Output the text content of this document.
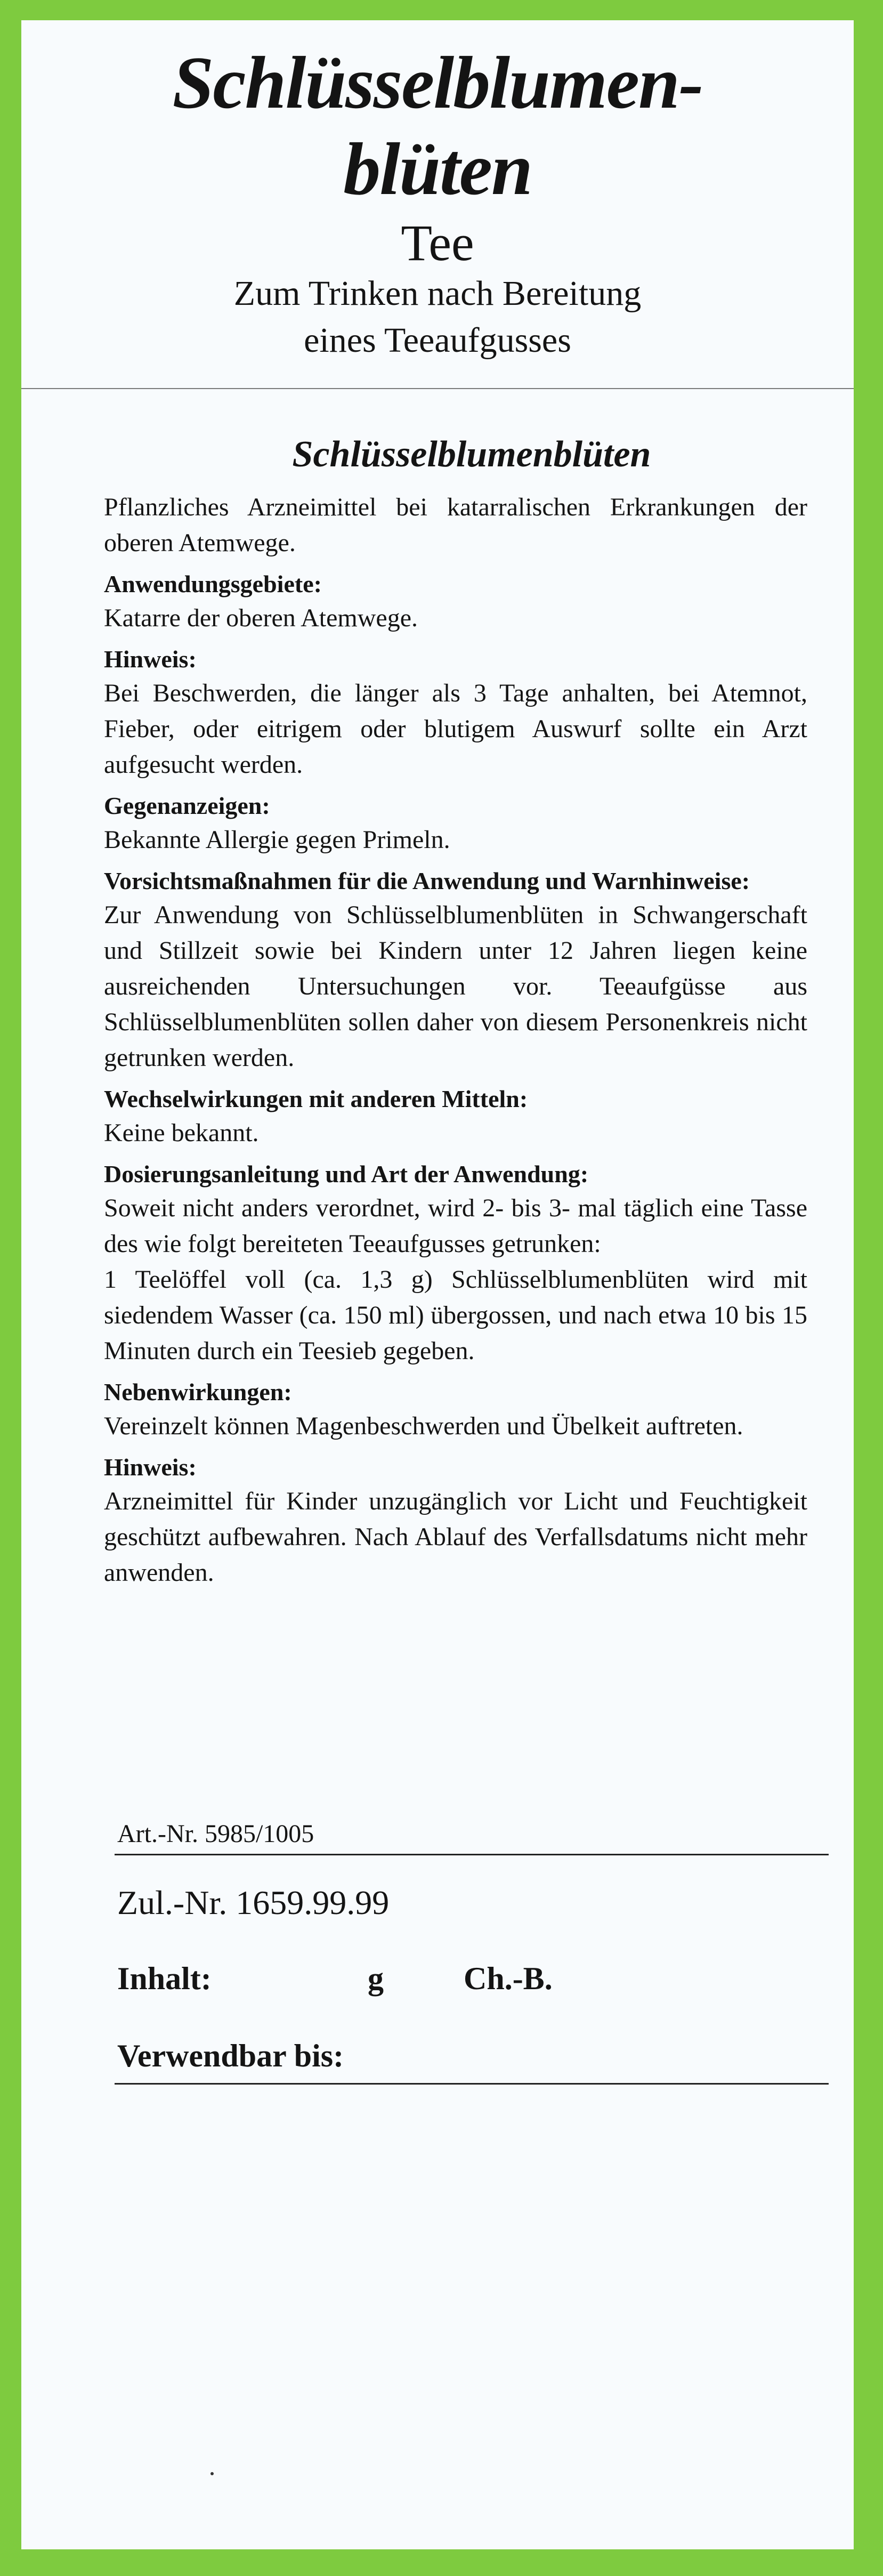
Schlüsselblumen-
blüten
Tee
Zum Trinken nach Bereitung
eines Teeaufgusses
Schlüsselblumenblüten

Pflanzliches Arzneimittel bei katarralischen Erkrankungen der oberen Atemwege.

Anwendungsgebiete:

Katarre der oberen Atemwege.

Hinweis:

Bei Beschwerden, die länger als 3 Tage anhalten, bei Atemnot, Fieber, oder eitrigem oder blutigem Auswurf sollte ein Arzt aufgesucht werden.

Gegenanzeigen:

Bekannte Allergie gegen Primeln.

Vorsichtsmaßnahmen für die Anwendung und Warnhinweise:

Zur Anwendung von Schlüsselblumenblüten in Schwangerschaft und Stillzeit sowie bei Kindern unter 12 Jahren liegen keine ausreichenden Untersuchungen vor. Teeaufgüsse aus Schlüsselblumenblüten sollen daher von diesem Personenkreis nicht getrunken werden.

Wechselwirkungen mit anderen Mitteln:

Keine bekannt.

Dosierungsanleitung und Art der Anwendung:

Soweit nicht anders verordnet, wird 2- bis 3- mal täglich eine Tasse des wie folgt bereiteten Teeaufgusses getrunken:

1 Teelöffel voll (ca. 1,3 g) Schlüsselblumenblüten wird mit siedendem Wasser (ca. 150 ml) übergossen, und nach etwa 10 bis 15 Minuten durch ein Teesieb gegeben.

Nebenwirkungen:

Vereinzelt können Magenbeschwerden und Übelkeit auftreten.

Hinweis:

Arzneimittel für Kinder unzugänglich vor Licht und Feuchtigkeit geschützt aufbewahren. Nach Ablauf des Verfallsdatums nicht mehr anwenden.

Art.-Nr. 5985/1005
Zul.-Nr. 1659.99.99
Inhalt:	g	Ch.-B.
Verwendbar bis:
